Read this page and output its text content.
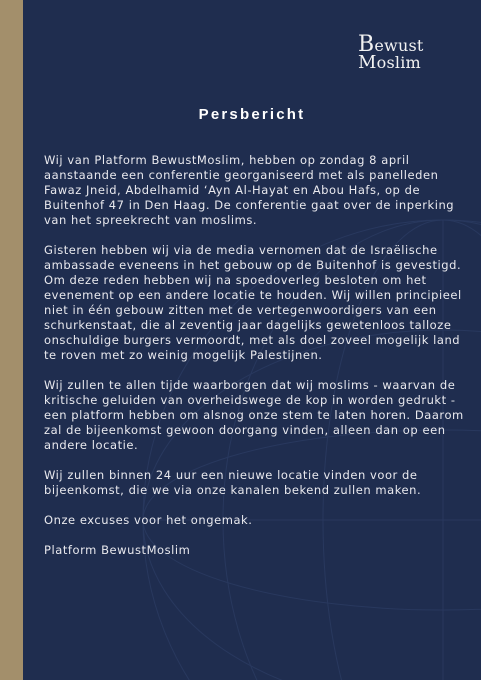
Bewust
Moslim
Persbericht

Wij van Platform BewustMoslim, hebben op zondag 8 april aanstaande een conferentie georganiseerd met als panelleden Fawaz Jneid, Abdelhamid ‘Ayn Al-Hayat en Abou Hafs, op de Buitenhof 47 in Den Haag. De conferentie gaat over de inperking van het spreekrecht van moslims.

Gisteren hebben wij via de media vernomen dat de Israëlische ambassade eveneens in het gebouw op de Buitenhof is gevestigd. Om deze reden hebben wij na spoedoverleg besloten om het evenement op een andere locatie te houden. Wij willen principieel niet in één gebouw zitten met de vertegenwoordigers van een schurkenstaat, die al zeventig jaar dagelijks gewetenloos talloze onschuldige burgers vermoordt, met als doel zoveel mogelijk land te roven met zo weinig mogelijk Palestijnen.

Wij zullen te allen tijde waarborgen dat wij moslims - waarvan de kritische geluiden van overheidswege de kop in worden gedrukt - een platform hebben om alsnog onze stem te laten horen. Daarom zal de bijeenkomst gewoon doorgang vinden, alleen dan op een andere locatie.

Wij zullen binnen 24 uur een nieuwe locatie vinden voor de bijeenkomst, die we via onze kanalen bekend zullen maken.

Onze excuses voor het ongemak.

Platform BewustMoslim
